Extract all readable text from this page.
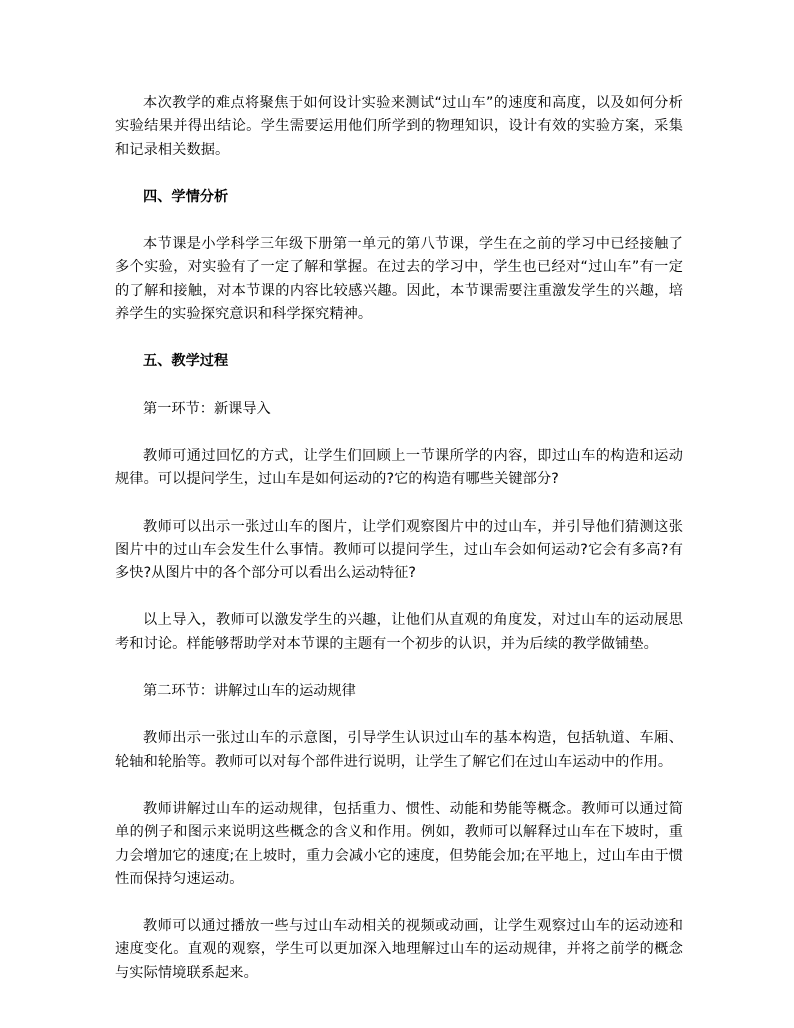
本次教学的难点将聚焦于如何设计实验来测试“过山车”的速度和高度，以及如何分析实验结果并得出结论。学生需要运用他们所学到的物理知识，设计有效的实验方案，采集和记录相关数据。

四、学情分析

本节课是小学科学三年级下册第一单元的第八节课，学生在之前的学习中已经接触了多个实验，对实验有了一定了解和掌握。在过去的学习中，学生也已经对“过山车”有一定的了解和接触，对本节课的内容比较感兴趣。因此，本节课需要注重激发学生的兴趣，培养学生的实验探究意识和科学探究精神。

五、教学过程

第一环节：新课导入

教师可通过回忆的方式，让学生们回顾上一节课所学的内容，即过山车的构造和运动规律。可以提问学生，过山车是如何运动的?它的构造有哪些关键部分?

教师可以出示一张过山车的图片，让学们观察图片中的过山车，并引导他们猜测这张图片中的过山车会发生什么事情。教师可以提问学生，过山车会如何运动?它会有多高?有多快?从图片中的各个部分可以看出么运动特征?

以上导入，教师可以激发学生的兴趣，让他们从直观的角度发，对过山车的运动展思考和讨论。样能够帮助学对本节课的主题有一个初步的认识，并为后续的教学做铺垫。

第二环节：讲解过山车的运动规律

教师出示一张过山车的示意图，引导学生认识过山车的基本构造，包括轨道、车厢、轮轴和轮胎等。教师可以对每个部件进行说明，让学生了解它们在过山车运动中的作用。

教师讲解过山车的运动规律，包括重力、惯性、动能和势能等概念。教师可以通过简单的例子和图示来说明这些概念的含义和作用。例如，教师可以解释过山车在下坡时，重力会增加它的速度;在上坡时，重力会减小它的速度，但势能会加;在平地上，过山车由于惯性而保持匀速运动。

教师可以通过播放一些与过山车动相关的视频或动画，让学生观察过山车的运动迹和速度变化。直观的观察，学生可以更加深入地理解过山车的运动规律，并将之前学的概念与实际情境联系起来。
